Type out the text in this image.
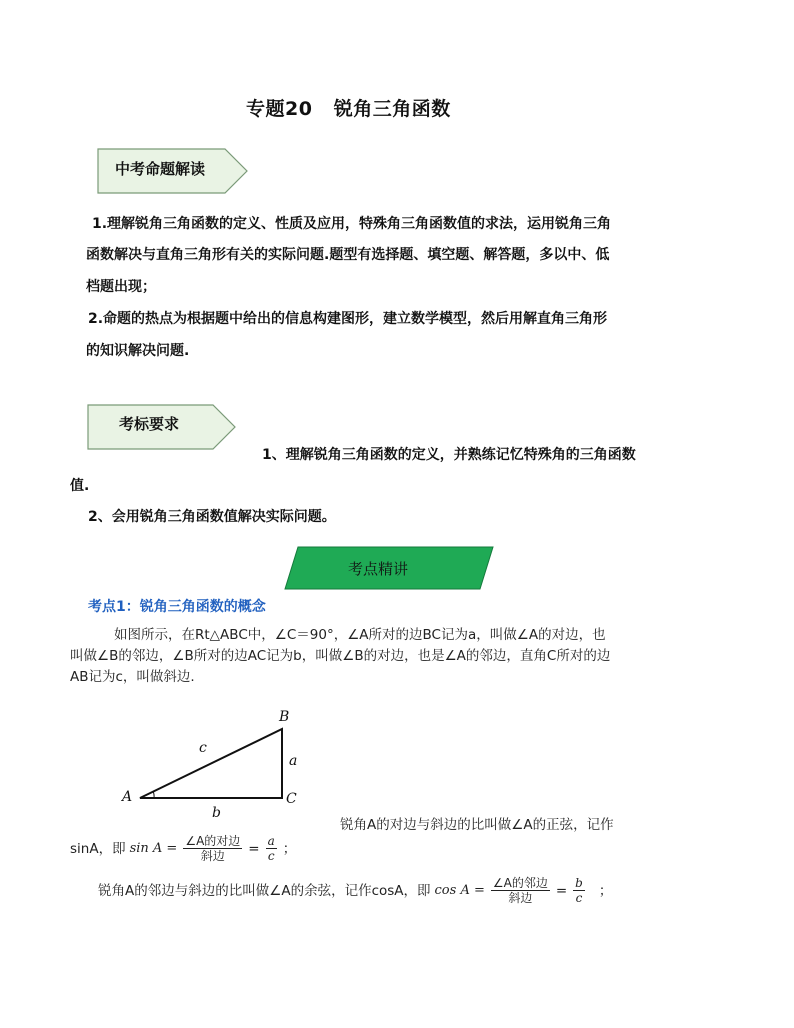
专题20   锐角三角函数
中考命题解读
1.理解锐角三角函数的定义、性质及应用，特殊角三角函数值的求法，运用锐角三角
函数解决与直角三角形有关的实际问题.题型有选择题、填空题、解答题，多以中、低
档题出现；
2.命题的热点为根据题中给出的信息构建图形，建立数学模型，然后用解直角三角形
的知识解决问题.
考标要求
1、理解锐角三角函数的定义，并熟练记忆特殊角的三角函数
值.
2、会用锐角三角函数值解决实际问题。
考点精讲
考点1：锐角三角函数的概念
如图所示，在Rt△ABC中，∠C＝90°，∠A所对的边BC记为a，叫做∠A的对边，也
叫做∠B的邻边，∠B所对的边AC记为b，叫做∠B的对边，也是∠A的邻边，直角C所对的边
AB记为c，叫做斜边.
B
c
a
A	C
b
锐角A的对边与斜边的比叫做∠A的正弦，记作
sinA，即 $\sin A = \frac{\text{∠A的对边}}{\text{斜边}} = \frac{a}{c}$ ；
锐角A的邻边与斜边的比叫做∠A的余弦，记作cosA，即 $\cos A = \frac{\text{∠A的邻边}}{\text{斜边}} = \frac{b}{c}$ ；
